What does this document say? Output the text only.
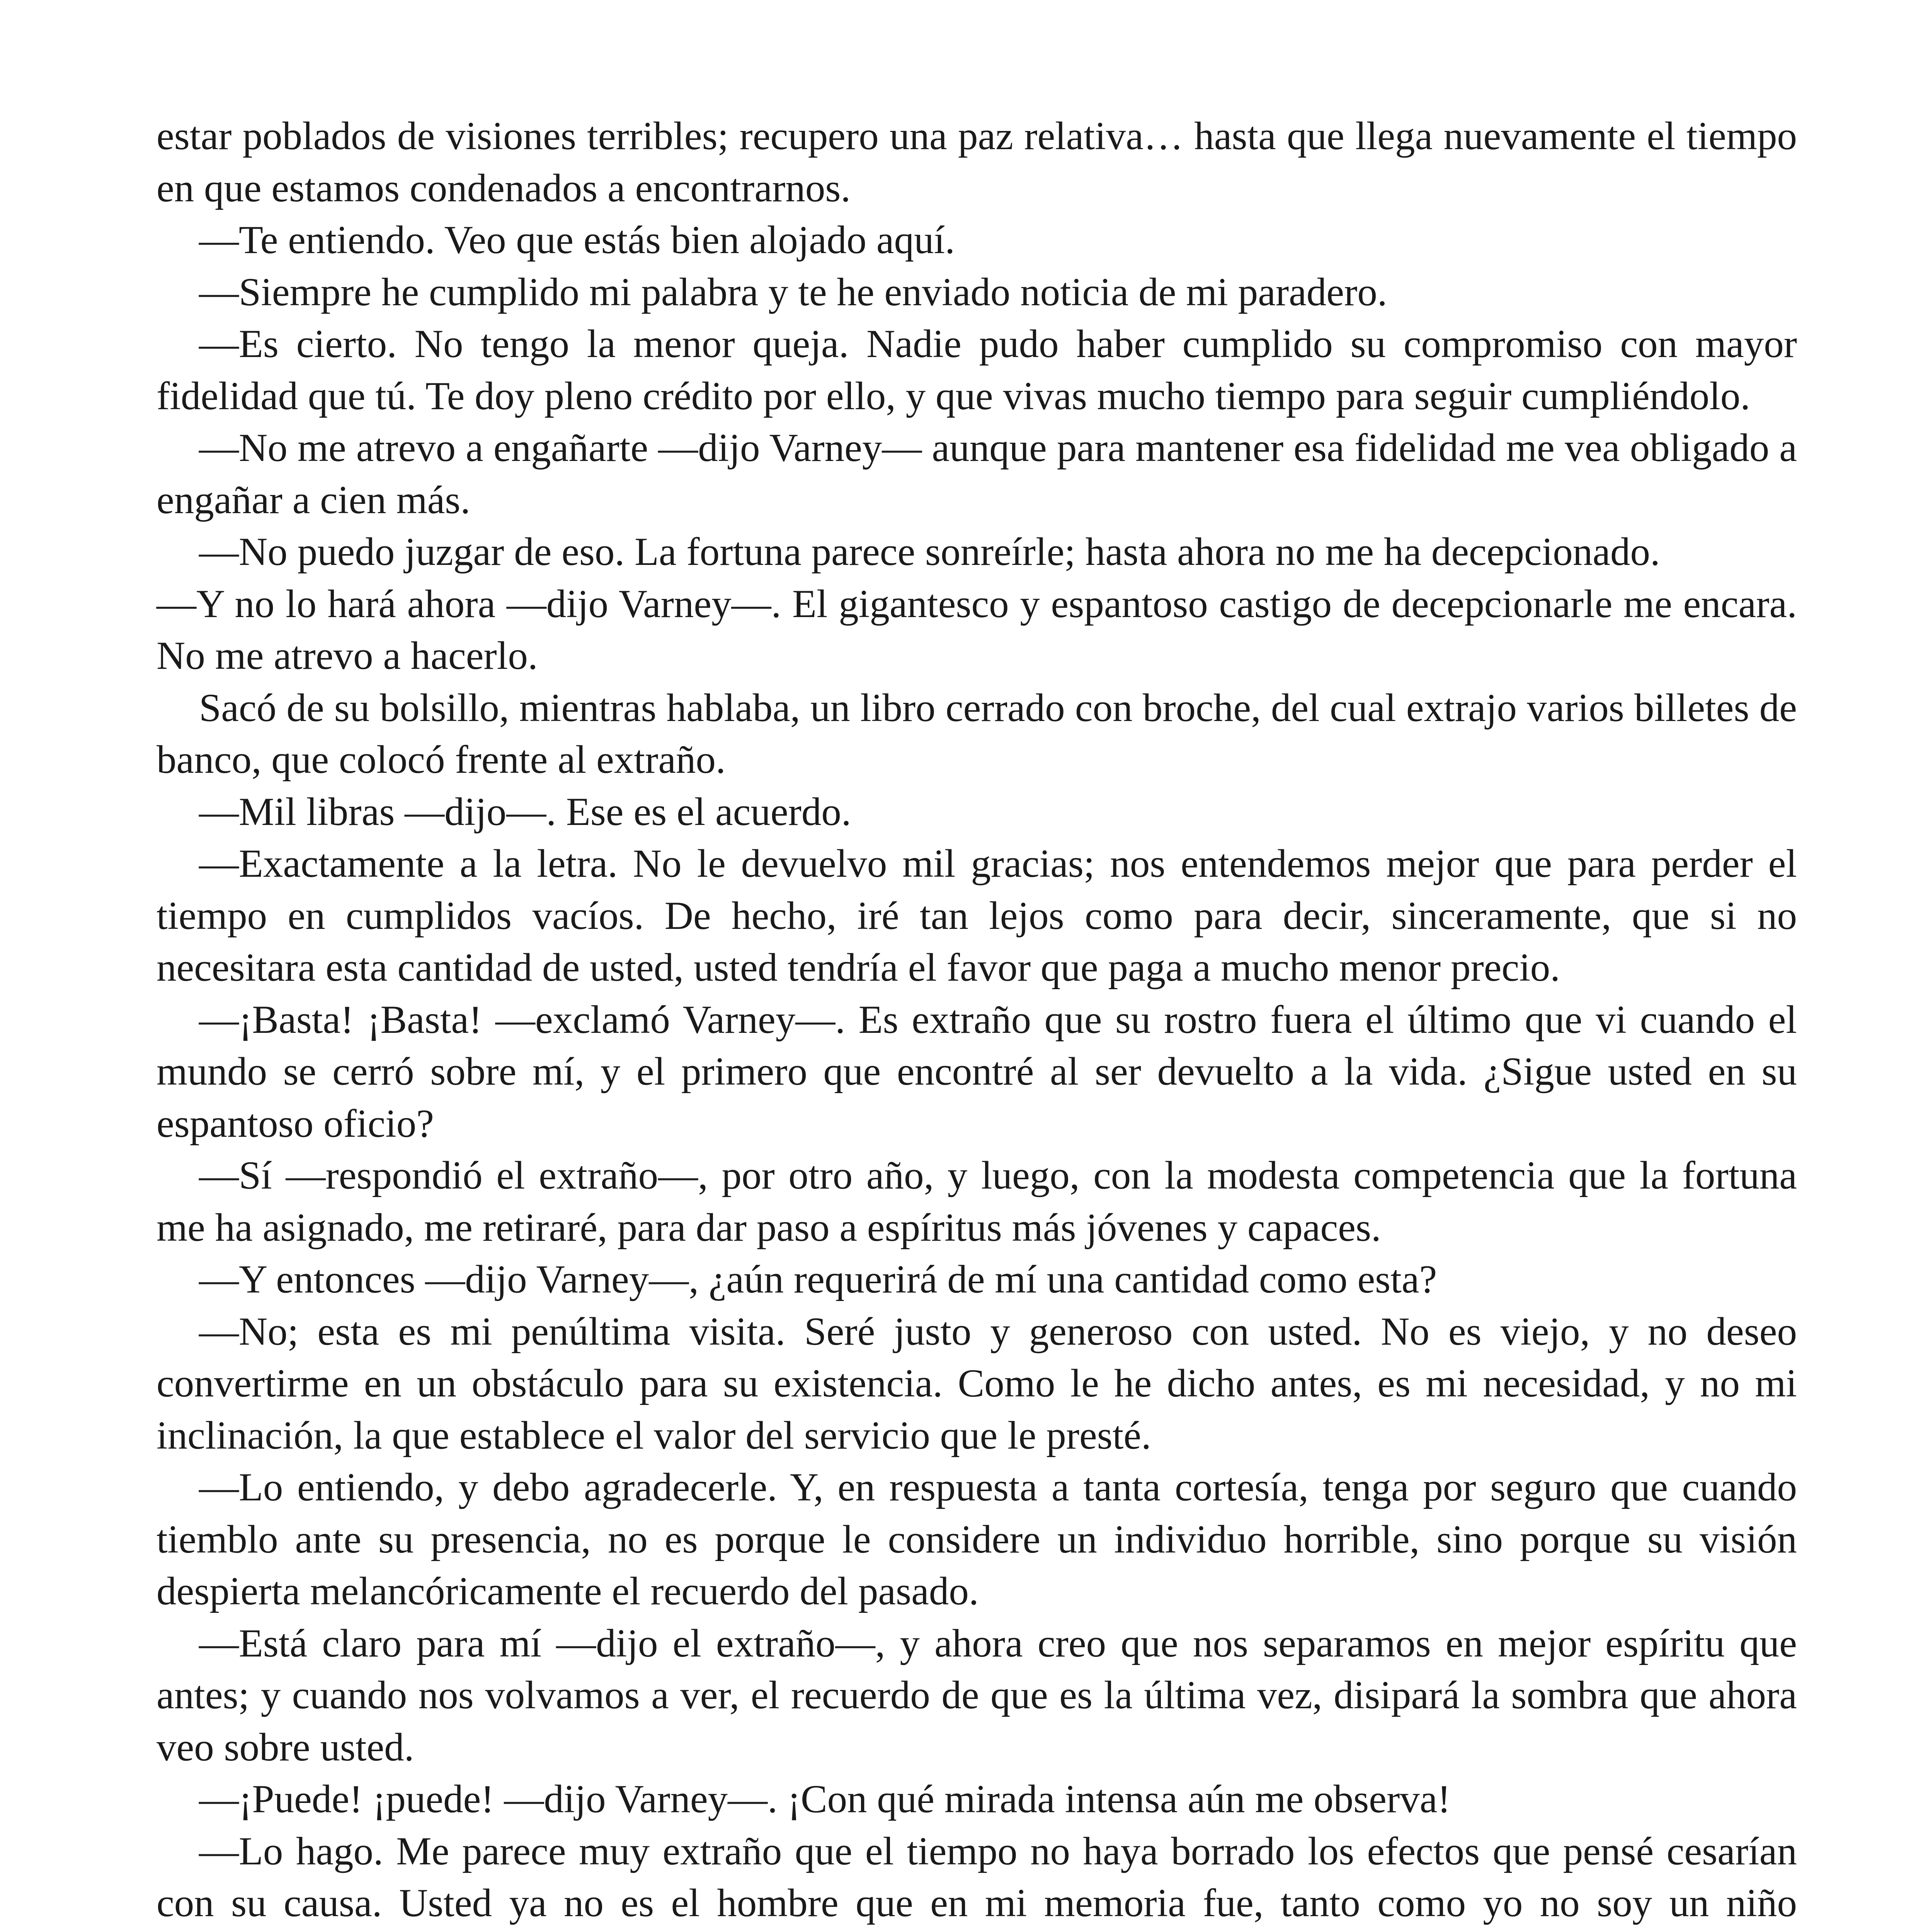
estar poblados de visiones terribles; recupero una paz relativa… hasta que llega nuevamente el tiempo en que estamos condenados a encontrarnos.

—Te entiendo. Veo que estás bien alojado aquí.

—Siempre he cumplido mi palabra y te he enviado noticia de mi paradero.

—Es cierto. No tengo la menor queja. Nadie pudo haber cumplido su compromiso con mayor fidelidad que tú. Te doy pleno crédito por ello, y que vivas mucho tiempo para seguir cumpliéndolo.

—No me atrevo a engañarte —dijo Varney— aunque para mantener esa fidelidad me vea obligado a engañar a cien más.

—No puedo juzgar de eso. La fortuna parece sonreírle; hasta ahora no me ha decepcionado.

—Y no lo hará ahora —dijo Varney—. El gigantesco y espantoso castigo de decepcionarle me encara. No me atrevo a hacerlo.

Sacó de su bolsillo, mientras hablaba, un libro cerrado con broche, del cual extrajo varios billetes de banco, que colocó frente al extraño.

—Mil libras —dijo—. Ese es el acuerdo.

—Exactamente a la letra. No le devuelvo mil gracias; nos entendemos mejor que para perder el tiempo en cumplidos vacíos. De hecho, iré tan lejos como para decir, sinceramente, que si no necesitara esta cantidad de usted, usted tendría el favor que paga a mucho menor precio.

—¡Basta! ¡Basta! —exclamó Varney—. Es extraño que su rostro fuera el último que vi cuando el mundo se cerró sobre mí, y el primero que encontré al ser devuelto a la vida. ¿Sigue usted en su espantoso oficio?

—Sí —respondió el extraño—, por otro año, y luego, con la modesta competencia que la fortuna me ha asignado, me retiraré, para dar paso a espíritus más jóvenes y capaces.

—Y entonces —dijo Varney—, ¿aún requerirá de mí una cantidad como esta?

—No; esta es mi penúltima visita. Seré justo y generoso con usted. No es viejo, y no deseo convertirme en un obstáculo para su existencia. Como le he dicho antes, es mi necesidad, y no mi inclinación, la que establece el valor del servicio que le presté.

—Lo entiendo, y debo agradecerle. Y, en respuesta a tanta cortesía, tenga por seguro que cuando tiemblo ante su presencia, no es porque le considere un individuo horrible, sino porque su visión despierta melancóricamente el recuerdo del pasado.

—Está claro para mí —dijo el extraño—, y ahora creo que nos separamos en mejor espíritu que antes; y cuando nos volvamos a ver, el recuerdo de que es la última vez, disipará la sombra que ahora veo sobre usted.

—¡Puede! ¡puede! —dijo Varney—. ¡Con qué mirada intensa aún me observa!

—Lo hago. Me parece muy extraño que el tiempo no haya borrado los efectos que pensé cesarían con su causa. Usted ya no es el hombre que en mi memoria fue, tanto como yo no soy un niño
